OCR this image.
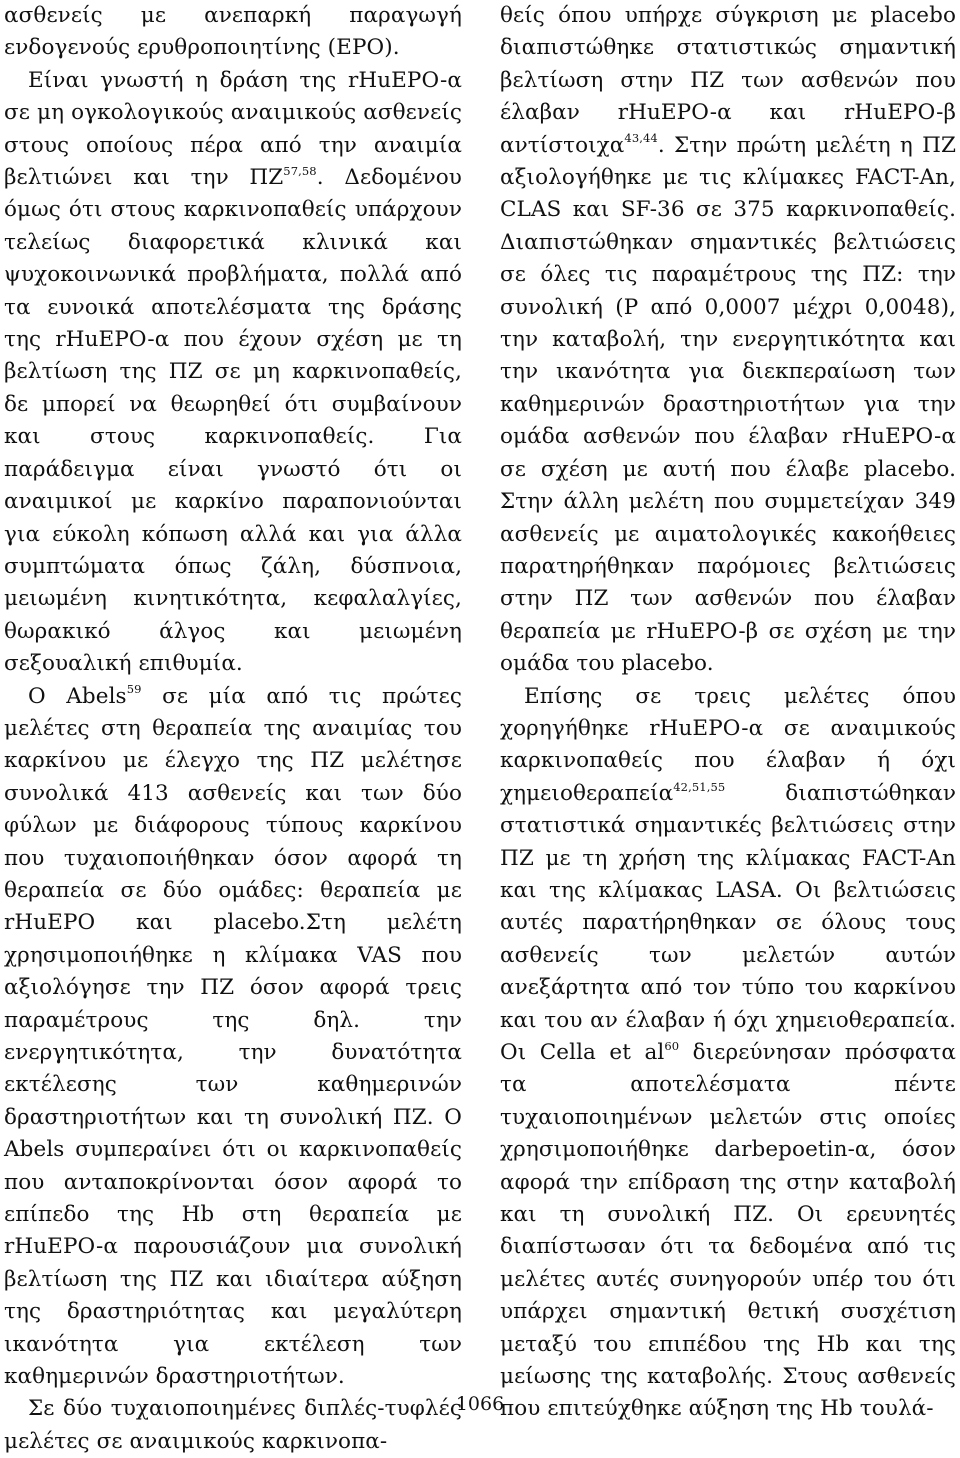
ασθενείς με ανεπαρκή παραγωγή ενδογενούς ερυθροποιητίνης (EPO).

Είναι γνωστή η δράση της rHuEPO-α σε μη ογκολογικούς αναιμικούς ασθενείς στους οποίους πέρα από την αναιμία βελτιώνει και την ΠΖ$^{57,58}$. Δεδομένου όμως ότι στους καρκινοπαθείς υπάρχουν τελείως διαφορετικά κλινικά και ψυχοκοινωνικά προβλήματα, πολλά από τα ευνοικά αποτελέσματα της δράσης της rHuEPO-α που έχουν σχέση με τη βελτίωση της ΠΖ σε μη καρκινοπαθείς, δε μπορεί να θεωρηθεί ότι συμβαίνουν και στους καρκινοπαθείς. Για παράδειγμα είναι γνωστό ότι οι αναιμικοί με καρκίνο παραπονιούνται για εύκολη κόπωση αλλά και για άλλα συμπτώματα όπως ζάλη, δύσπνοια, μειωμένη κινητικότητα, κεφαλαλγίες, θωρακικό άλγος και μειωμένη σεξουαλική επιθυμία.

Ο Abels$^{59}$ σε μία από τις πρώτες μελέτες στη θεραπεία της αναιμίας του καρκίνου με έλεγχο της ΠΖ μελέτησε συνολικά 413 ασθενείς και των δύο φύλων με διάφορους τύπους καρκίνου που τυχαιοποιήθηκαν όσον αφορά τη θεραπεία σε δύο ομάδες: θεραπεία με rHuEPO και placebo.Στη μελέτη χρησιμοποιήθηκε η κλίμακα VAS που αξιολόγησε την ΠΖ όσον αφορά τρεις παραμέτρους της δηλ. την ενεργητικότητα, την δυνατότητα εκτέλεσης των καθημερινών δραστηριοτήτων και τη συνολική ΠΖ. O Abels συμπεραίνει ότι οι καρκινοπαθείς που ανταποκρίνονται όσον αφορά το επίπεδο της Hb στη θεραπεία με rHuEPO-α παρουσιάζουν μια συνολική βελτίωση της ΠΖ και ιδιαίτερα αύξηση της δραστηριότητας και μεγαλύτερη ικανότητα για εκτέλεση των καθημερινών δραστηριοτήτων.

Σε δύο τυχαιοποιημένες διπλές-τυφλές μελέτες σε αναιμικούς καρκινοπα-

θείς όπου υπήρχε σύγκριση με placebo διαπιστώθηκε στατιστικώς σημαντική βελτίωση στην ΠΖ των ασθενών που έλαβαν rHuEPO-α και rHuEPO-β αντίστοιχα$^{43,44}$. Στην πρώτη μελέτη η ΠΖ αξιολογήθηκε με τις κλίμακες FACT-An, CLAS και SF-36 σε 375 καρκινοπαθείς. Διαπιστώθηκαν σημαντικές βελτιώσεις σε όλες τις παραμέτρους της ΠΖ: την συνολική (P από 0,0007 μέχρι 0,0048), την καταβολή, την ενεργητικότητα και την ικανότητα για διεκπεραίωση των καθημερινών δραστηριοτήτων για την ομάδα ασθενών που έλαβαν rHuEPO-α σε σχέση με αυτή που έλαβε placebo. Στην άλλη μελέτη που συμμετείχαν 349 ασθενείς με αιματολογικές κακοήθειες παρατηρήθηκαν παρόμοιες βελτιώσεις στην ΠΖ των ασθενών που έλαβαν θεραπεία με rHuEPO-β σε σχέση με την ομάδα του placebo.

Επίσης σε τρεις μελέτες όπου χορηγήθηκε rHuEPO-α σε αναιμικούς καρκινοπαθείς που έλαβαν ή όχι χημειοθεραπεία$^{42,51,55}$ διαπιστώθηκαν στατιστικά σημαντικές βελτιώσεις στην ΠΖ με τη χρήση της κλίμακας FACT-An και της κλίμακας LASA. Οι βελτιώσεις αυτές παρατήρηθηκαν σε όλους τους ασθενείς των μελετών αυτών ανεξάρτητα από τον τύπο του καρκίνου και του αν έλαβαν ή όχι χημειοθεραπεία. Οι Cella et $al^{60}$ διερεύνησαν πρόσφατα τα αποτελέσματα πέντε τυχαιοποιημένων μελετών στις οποίες χρησιμοποιήθηκε darbepoetin-α, όσον αφορά την επίδραση της στην καταβολή και τη συνολική ΠΖ. Οι ερευνητές διαπίστωσαν ότι τα δεδομένα από τις μελέτες αυτές συνηγορούν υπέρ του ότι υπάρχει σημαντική θετική συσχέτιση μεταξύ του επιπέδου της Hb και της μείωσης της καταβολής. Στους ασθενείς που επιτεύχθηκε αύξηση της Hb τουλά-

1066
